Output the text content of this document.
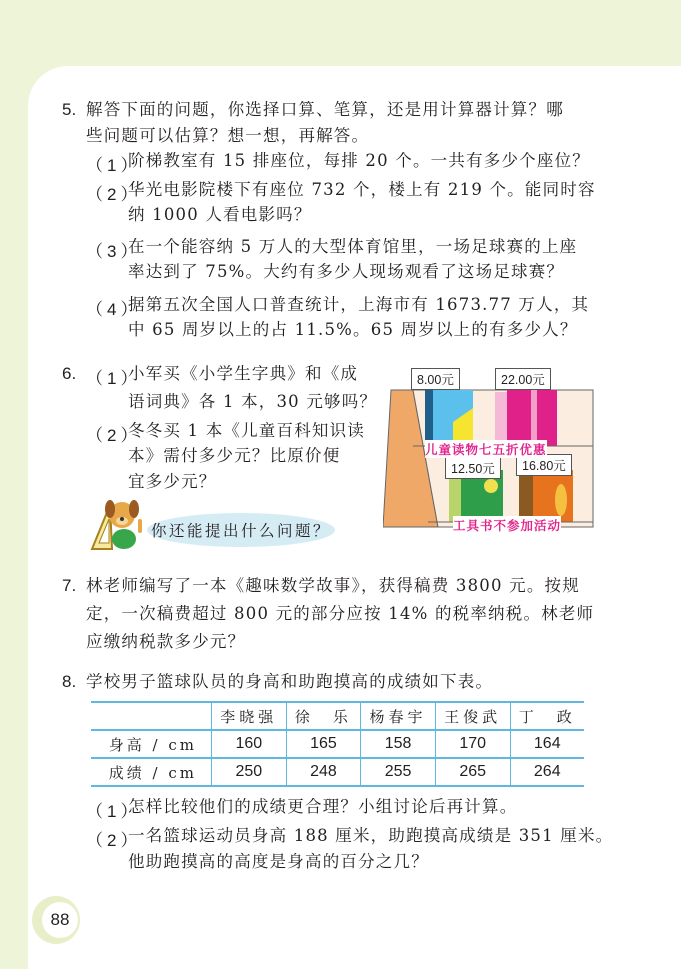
5. 解答下面的问题，你选择口算、笔算，还是用计算器计算？哪
些问题可以估算？想一想，再解答。
（1）
阶梯教室有 15 排座位，每排 20 个。一共有多少个座位？
（2）
华光电影院楼下有座位 732 个，楼上有 219 个。能同时容
纳 1000 人看电影吗？
（3）
在一个能容纳 5 万人的大型体育馆里，一场足球赛的上座
率达到了 75%。大约有多少人现场观看了这场足球赛？
（4）
据第五次全国人口普查统计，上海市有 1673.77 万人，其
中 65 周岁以上的占 11.5%。65 周岁以上的有多少人？
6. （1）
小军买《小学生字典》和《成
语词典》各 1 本，30 元够吗？
（2）
冬冬买 1 本《儿童百科知识读
本》需付多少元？比原价便
宜多少元？
你还能提出什么问题？
8.00元	22.00元
12.50元	16.80元
儿童读物七五折优惠
工具书不参加活动
7. 林老师编写了一本《趣味数学故事》，获得稿费 3800 元。按规
定，一次稿费超过 800 元的部分应按 14% 的税率纳税。林老师
应缴纳税款多少元？
8. 学校男子篮球队员的身高和助跑摸高的成绩如下表。
	李晓强	徐　乐	杨春宇	王俊武	丁　政
身高 / cm	160	165	158	170	164
成绩 / cm	250	248	255	265	264
（1）
怎样比较他们的成绩更合理？小组讨论后再计算。
（2）
一名篮球运动员身高 188 厘米，助跑摸高成绩是 351 厘米。
他助跑摸高的高度是身高的百分之几？
88
